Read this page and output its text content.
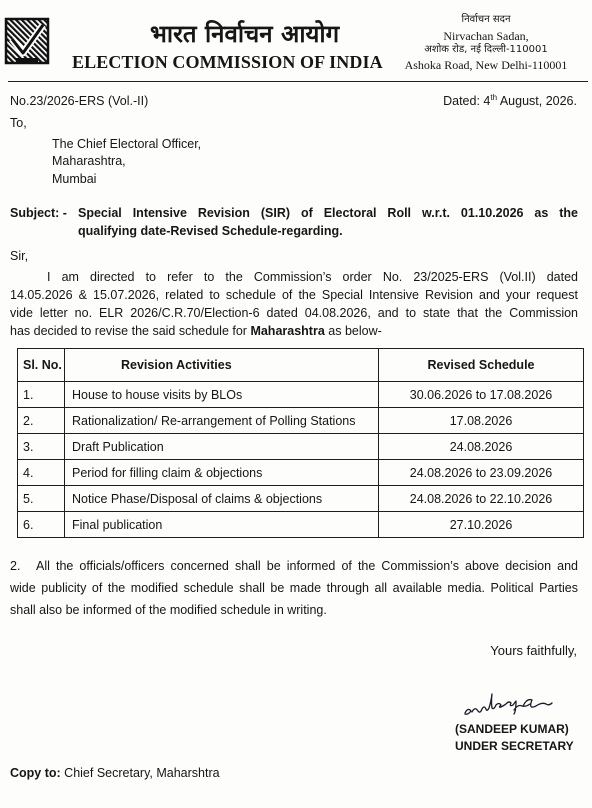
भारत निर्वाचन आयोग
ELECTION COMMISSION OF INDIA
निर्वाचन सदन
Nirvachan Sadan,
अशोक रोड, नई दिल्ली-110001
Ashoka Road, New Delhi-110001
No.23/2026-ERS (Vol.-II)	Dated: 4th August, 2026.
To,
The Chief Electoral Officer,
Maharashtra,
Mumbai
Subject: - Special Intensive Revision (SIR) of Electoral Roll w.r.t. 01.10.2026 as the
qualifying date-Revised Schedule-regarding.
Sir,
I am directed to refer to the Commission’s order No. 23/2025-ERS (Vol.II) dated
14.05.2026 & 15.07.2026, related to schedule of the Special Intensive Revision and your request
vide letter no. ELR 2026/C.R.70/Election-6 dated 04.08.2026, and to state that the Commission
has decided to revise the said schedule for Maharashtra as below-
Sl. No.	Revision Activities	Revised Schedule
1.	House to house visits by BLOs	30.06.2026 to 17.08.2026
2.	Rationalization/ Re-arrangement of Polling Stations	17.08.2026
3.	Draft Publication	24.08.2026
4.	Period for filling claim & objections	24.08.2026 to 23.09.2026
5.	Notice Phase/Disposal of claims & objections	24.08.2026 to 22.10.2026
6.	Final publication	27.10.2026
2. All the officials/officers concerned shall be informed of the Commission’s above decision and
wide publicity of the modified schedule shall be made through all available media. Political Parties
shall also be informed of the modified schedule in writing.
Yours faithfully,
(SANDEEP KUMAR)
UNDER SECRETARY
Copy to: Chief Secretary, Maharshtra
